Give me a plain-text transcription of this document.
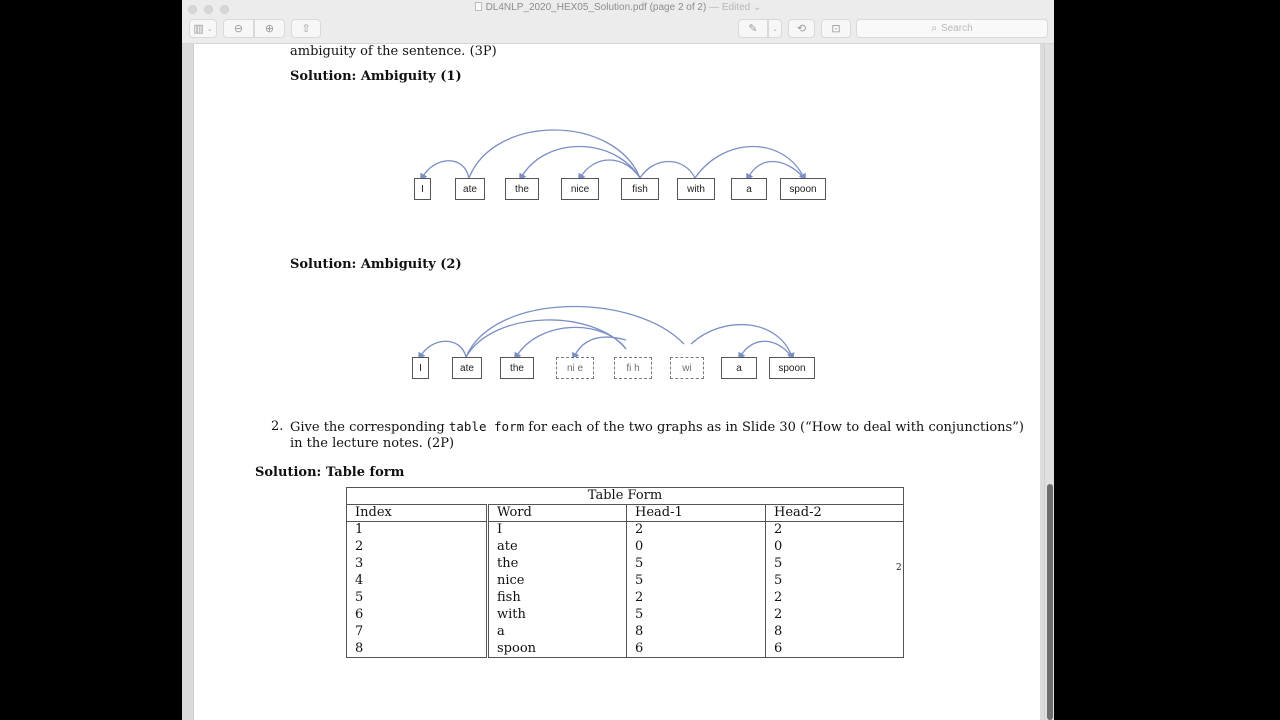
DL4NLP_2020_HEX05_Solution.pdf (page 2 of 2) — Edited ⌄
▥ ⌄ ⊖ ⊕ ⇧	✎ ⌄ ⟲ ⊡	⌕ Search
ambiguity of the sentence. (3P)
Solution: Ambiguity (1)
I	ate	the	nice	fish	with	a	spoon
Solution: Ambiguity (2)
I	ate	the	ni e	fi h	wi	a	spoon
2. Give the corresponding table form for each of the two graphs as in Slide 30 (“How to deal with conjunctions”)
in the lecture notes. (2P)
Solution: Table form
Table Form			
Index	Word	Head-1	Head-2
1	I	2	2
2	ate	0	0
3	the	5	5
4	nice	5	5
5	fish	2	2
6	with	5	2
7	a	8	8
8	spoon	6	6
2
